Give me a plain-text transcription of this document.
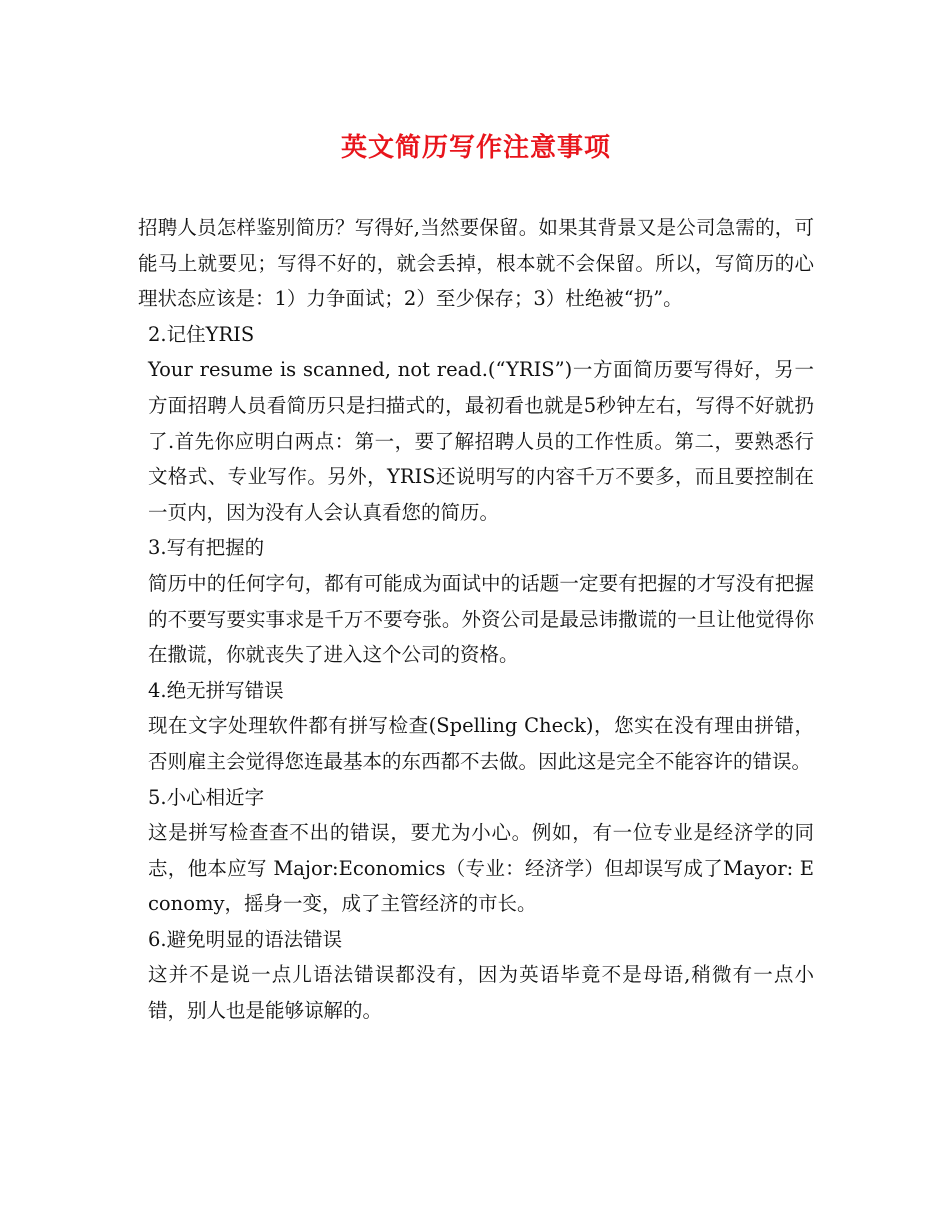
英文简历写作注意事项

招聘人员怎样鉴别简历？写得好,当然要保留。如果其背景又是公司急需的，可能马上就要见；写得不好的，就会丢掉，根本就不会保留。所以，写简历的心理状态应该是：1）力争面试；2）至少保存；3）杜绝被“扔”。

2.记住YRIS

Your resume is scanned, not read.(“YRIS”)一方面简历要写得好，另一方面招聘人员看简历只是扫描式的，最初看也就是5秒钟左右，写得不好就扔了.首先你应明白两点：第一，要了解招聘人员的工作性质。第二，要熟悉行文格式、专业写作。另外，YRIS还说明写的内容千万不要多，而且要控制在一页内，因为没有人会认真看您的简历。

3.写有把握的

简历中的任何字句，都有可能成为面试中的话题一定要有把握的才写没有把握的不要写要实事求是千万不要夸张。外资公司是最忌讳撒谎的一旦让他觉得你在撒谎，你就丧失了进入这个公司的资格。

4.绝无拼写错误

现在文字处理软件都有拼写检查(Spelling Check)，您实在没有理由拼错，否则雇主会觉得您连最基本的东西都不去做。因此这是完全不能容许的错误。

5.小心相近字

这是拼写检查查不出的错误，要尤为小心。例如，有一位专业是经济学的同志，他本应写 Major:Economics（专业：经济学）但却误写成了Mayor: Economy，摇身一变，成了主管经济的市长。

6.避免明显的语法错误

这并不是说一点儿语法错误都没有，因为英语毕竟不是母语,稍微有一点小错，别人也是能够谅解的。
